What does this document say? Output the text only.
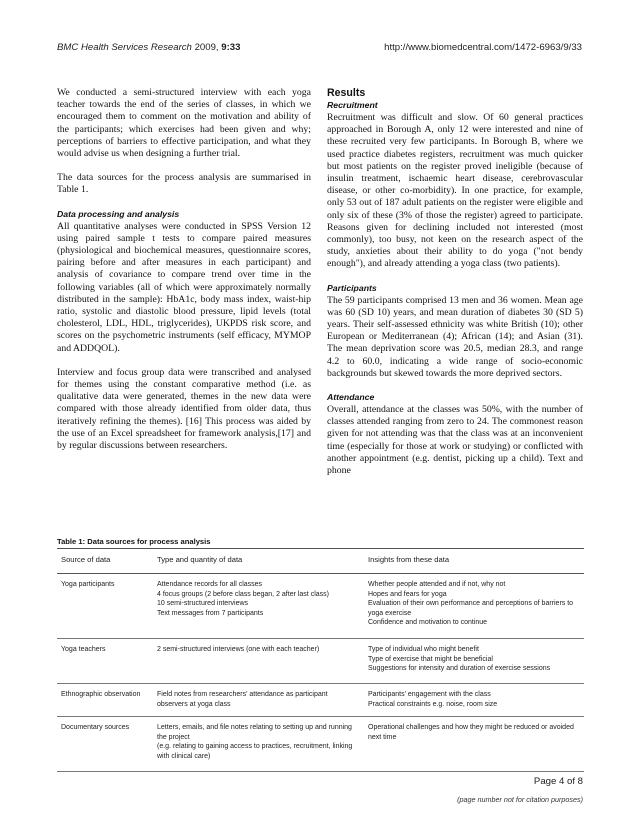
BMC Health Services Research 2009, 9:33	http://www.biomedcentral.com/1472-6963/9/33

We conducted a semi-structured interview with each yoga teacher towards the end of the series of classes, in which we encouraged them to comment on the motivation and ability of the participants; which exercises had been given and why; perceptions of barriers to effective participation, and what they would advise us when designing a further trial.

The data sources for the process analysis are summarised in Table 1.

Data processing and analysis

All quantitative analyses were conducted in SPSS Version 12 using paired sample t tests to compare paired measures (physiological and biochemical measures, questionnaire scores, pairing before and after measures in each participant) and analysis of covariance to compare trend over time in the following variables (all of which were approximately normally distributed in the sample): HbA1c, body mass index, waist-hip ratio, systolic and diastolic blood pressure, lipid levels (total cholesterol, LDL, HDL, triglycerides), UKPDS risk score, and scores on the psychometric instruments (self efficacy, MYMOP and ADDQOL).

Interview and focus group data were transcribed and analysed for themes using the constant comparative method (i.e. as qualitative data were generated, themes in the new data were compared with those already identified from older data, thus iteratively refining the themes). [16] This process was aided by the use of an Excel spreadsheet for framework analysis,[17] and by regular discussions between researchers.

Results
Recruitment

Recruitment was difficult and slow. Of 60 general practices approached in Borough A, only 12 were interested and nine of these recruited very few participants. In Borough B, where we used practice diabetes registers, recruitment was much quicker but most patients on the register proved ineligible (because of insulin treatment, ischaemic heart disease, cerebrovascular disease, or other co-morbidity). In one practice, for example, only 53 out of 187 adult patients on the register were eligible and only six of these (3% of those the register) agreed to participate. Reasons given for declining included not interested (most commonly), too busy, not keen on the research aspect of the study, anxieties about their ability to do yoga ("not bendy enough"), and already attending a yoga class (two patients).

Participants

The 59 participants comprised 13 men and 36 women. Mean age was 60 (SD 10) years, and mean duration of diabetes 30 (SD 5) years. Their self-assessed ethnicity was white British (10); other European or Mediterranean (4); African (14); and Asian (31). The mean deprivation score was 20.5, median 28.3, and range 4.2 to 60.0, indicating a wide range of socio-economic backgrounds but skewed towards the more deprived sectors.

Attendance

Overall, attendance at the classes was 50%, with the number of classes attended ranging from zero to 24. The commonest reason given for not attending was that the class was at an inconvenient time (especially for those at work or studying) or conflicted with another appointment (e.g. dentist, picking up a child). Text and phone

Table 1: Data sources for process analysis
Source of data	Type and quantity of data	Insights from these data
Yoga participants	Attendance records for all classes
4 focus groups (2 before class began, 2 after last class)
10 semi-structured interviews
Text messages from 7 participants	Whether people attended and if not, why not
Hopes and fears for yoga
Evaluation of their own performance and perceptions of barriers to yoga exercise
Confidence and motivation to continue

Yoga teachers	2 semi-structured interviews (one with each teacher)	Type of individual who might benefit
Type of exercise that might be beneficial
Suggestions for intensity and duration of exercise sessions

Ethnographic observation	Field notes from researchers' attendance as participant observers at yoga class	Participants' engagement with the class
Practical constraints e.g. noise, room size

Documentary sources	Letters, emails, and file notes relating to setting up and running the project
(e.g. relating to gaining access to practices, recruitment, linking with clinical care)	Operational challenges and how they might be reduced or avoided next time
Page 4 of 8
(page number not for citation purposes)
